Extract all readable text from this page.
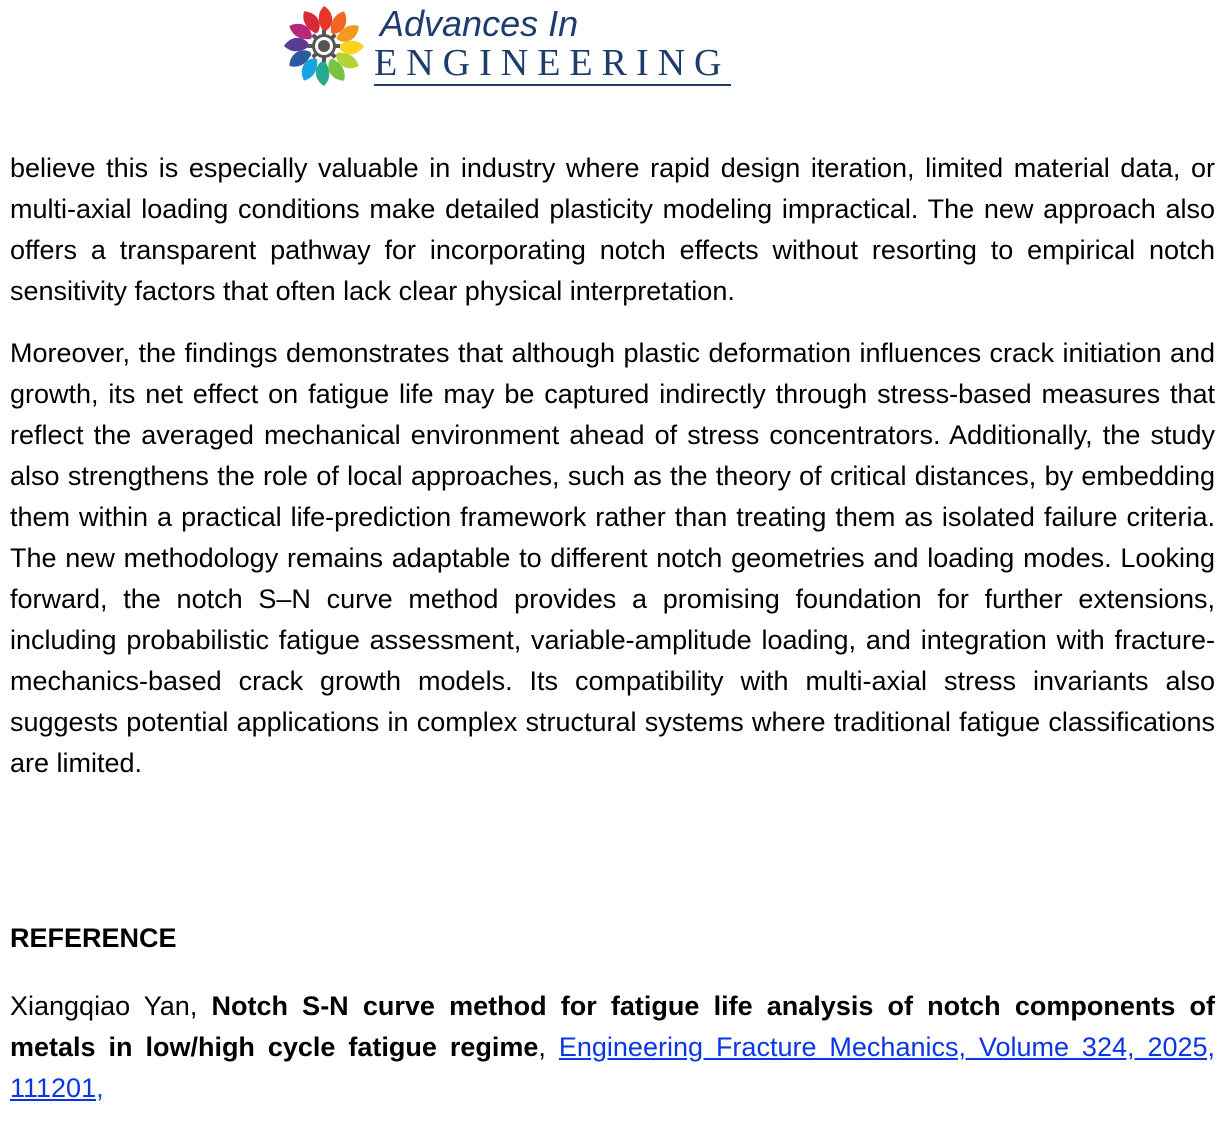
Advances In
ENGINEERING

believe this is especially valuable in industry where rapid design iteration, limited material data, or multi-axial loading conditions make detailed plasticity modeling impractical. The new approach also offers a transparent pathway for incorporating notch effects without resorting to empirical notch sensitivity factors that often lack clear physical interpretation.

Moreover, the findings demonstrates that although plastic deformation influences crack initiation and growth, its net effect on fatigue life may be captured indirectly through stress-based measures that reflect the averaged mechanical environment ahead of stress concentrators. Additionally, the study also strengthens the role of local approaches, such as the theory of critical distances, by embedding them within a practical life-prediction framework rather than treating them as isolated failure criteria. The new methodology remains adaptable to different notch geometries and loading modes. Looking forward, the notch S–N curve method provides a promising foundation for further extensions, including probabilistic fatigue assessment, variable-amplitude loading, and integration with fracture-mechanics-based crack growth models. Its compatibility with multi-axial stress invariants also suggests potential applications in complex structural systems where traditional fatigue classifications are limited.

REFERENCE

Xiangqiao Yan, Notch S-N curve method for fatigue life analysis of notch components of metals in low/high cycle fatigue regime, Engineering Fracture Mechanics, Volume 324, 2025, 111201,
